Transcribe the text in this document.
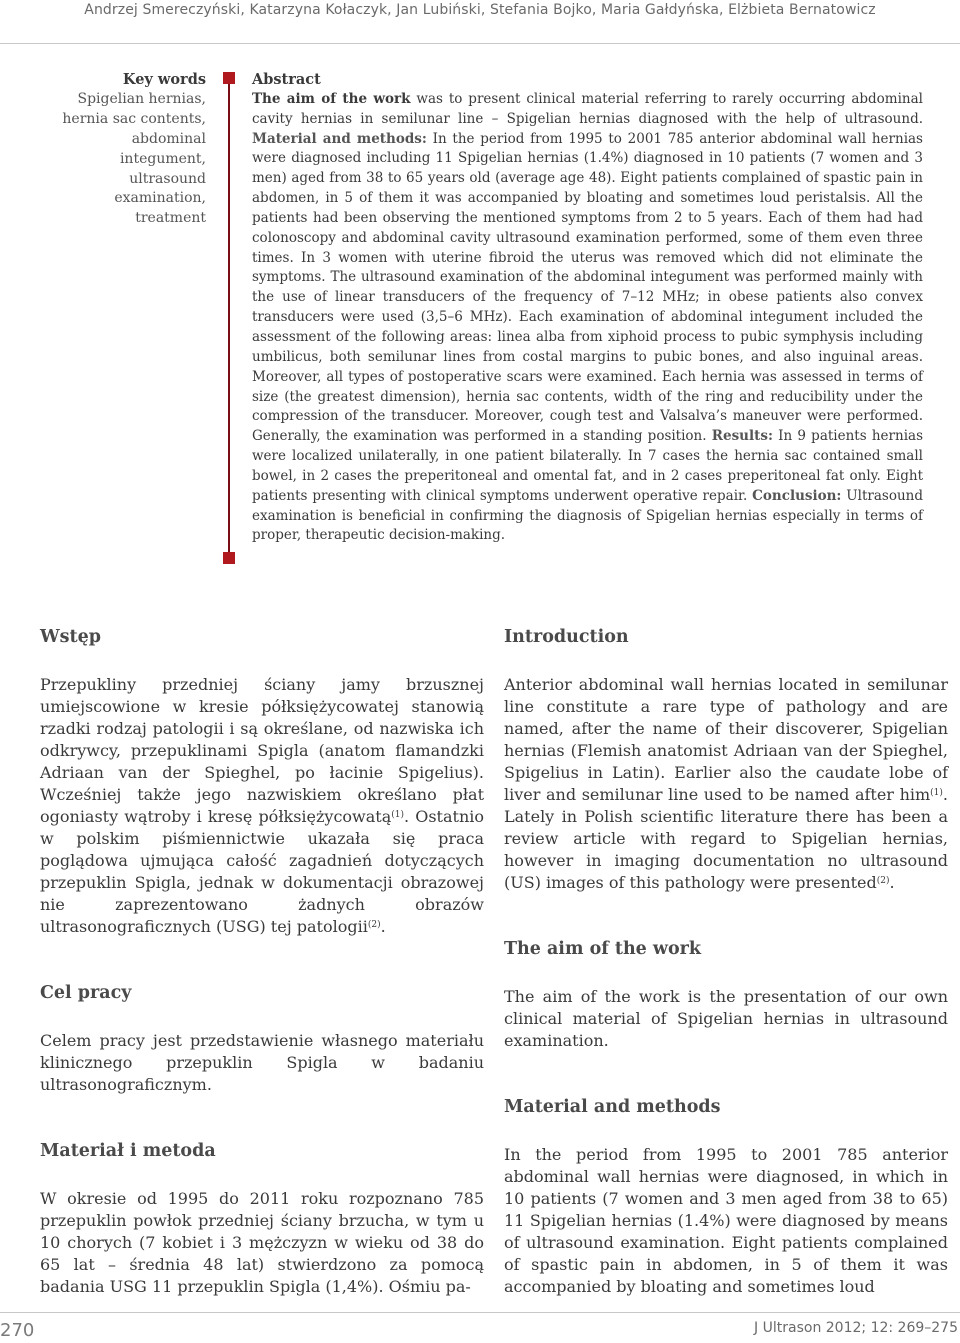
Andrzej Smereczyński, Katarzyna Kołaczyk, Jan Lubiński, Stefania Bojko, Maria Gałdyńska, Elżbieta Bernatowicz
Key words
Spigelian hernias,
hernia sac contents,
abdominal
integument,
ultrasound
examination,
treatment
Abstract
The aim of the work was to present clinical material referring to rarely occurring abdominal cavity hernias in semilunar line – Spigelian hernias diagnosed with the help of ultrasound. Material and methods: In the period from 1995 to 2001 785 anterior abdominal wall hernias were diagnosed including 11 Spigelian hernias (1.4%) diagnosed in 10 patients (7 women and 3 men) aged from 38 to 65 years old (average age 48). Eight patients complained of spastic pain in abdomen, in 5 of them it was accompanied by bloating and sometimes loud peristalsis. All the patients had been observing the mentioned symptoms from 2 to 5 years. Each of them had had colonoscopy and abdominal cavity ultrasound examination performed, some of them even three times. In 3 women with uterine fibroid the uterus was removed which did not eliminate the symptoms. The ultrasound examination of the abdominal integument was performed mainly with the use of linear transducers of the frequency of 7–12 MHz; in obese patients also convex transducers were used (3,5–6 MHz). Each examination of abdominal integument included the assessment of the following areas: linea alba from xiphoid process to pubic symphysis including umbilicus, both semilunar lines from costal margins to pubic bones, and also inguinal areas. Moreover, all types of postoperative scars were examined. Each hernia was assessed in terms of size (the greatest dimension), hernia sac contents, width of the ring and reducibility under the compression of the transducer. Moreover, cough test and Valsalva’s maneuver were performed. Generally, the examination was performed in a standing position. Results: In 9 patients hernias were localized unilaterally, in one patient bilaterally. In 7 cases the hernia sac contained small bowel, in 2 cases the preperitoneal and omental fat, and in 2 cases preperitoneal fat only. Eight patients presenting with clinical symptoms underwent operative repair. Conclusion: Ultrasound examination is beneficial in confirming the diagnosis of Spigelian hernias especially in terms of proper, therapeutic decision-making.
Wstęp

Przepukliny przedniej ściany jamy brzusznej umiejscowione w kresie półksiężycowatej stanowią rzadki rodzaj patologii i są określane, od nazwiska ich odkrywcy, przepuklinami Spigla (anatom flamandzki Adriaan van der Spieghel, po łacinie Spigelius). Wcześniej także jego nazwiskiem określano płat ogoniasty wątroby i kresę półksiężycowatą$^{(1)}$. Ostatnio w polskim piśmiennictwie ukazała się praca poglądowa ujmująca całość zagadnień dotyczących przepuklin Spigla, jednak w dokumentacji obrazowej nie zaprezentowano żadnych obrazów ultrasonograficznych (USG) tej patologii$^{(2)}$.

Cel pracy

Celem pracy jest przedstawienie własnego materiału klinicznego przepuklin Spigla w badaniu ultrasonograficznym.

Materiał i metoda

W okresie od 1995 do 2011 roku rozpoznano 785 przepuklin powłok przedniej ściany brzucha, w tym u 10 chorych (7 kobiet i 3 mężczyzn w wieku od 38 do 65 lat – średnia 48 lat) stwierdzono za pomocą badania USG 11 przepuklin Spigla (1,4%). Ośmiu pa-

Introduction

Anterior abdominal wall hernias located in semilunar line constitute a rare type of pathology and are named, after the name of their discoverer, Spigelian hernias (Flemish anatomist Adriaan van der Spieghel, Spigelius in Latin). Earlier also the caudate lobe of liver and semilunar line used to be named after him$^{(1)}$. Lately in Polish scientific literature there has been a review article with regard to Spigelian hernias, however in imaging documentation no ultrasound (US) images of this pathology were presented$^{(2)}$.

The aim of the work

The aim of the work is the presentation of our own clinical material of Spigelian hernias in ultrasound examination.

Material and methods

In the period from 1995 to 2001 785 anterior abdominal wall hernias were diagnosed, in which in 10 patients (7 women and 3 men aged from 38 to 65) 11 Spigelian hernias (1.4%) were diagnosed by means of ultrasound examination. Eight patients complained of spastic pain in abdomen, in 5 of them it was accompanied by bloating and sometimes loud

270	J Ultrason 2012; 12: 269–275
